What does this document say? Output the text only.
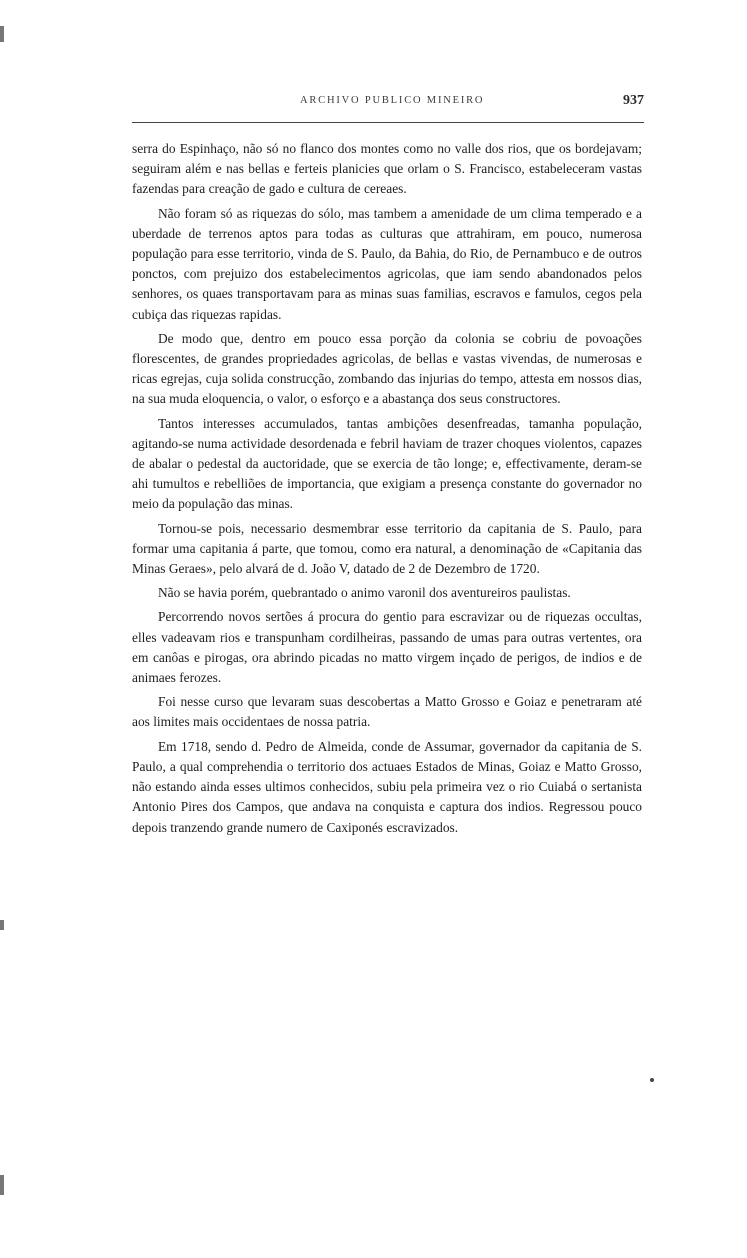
ARCHIVO PUBLICO MINEIRO	937

serra do Espinhaço, não só no flanco dos montes como no valle dos rios, que os bordejavam; seguiram além e nas bellas e ferteis planicies que orlam o S. Francisco, estabeleceram vastas fazendas para creação de gado e cultura de cereaes.

Não foram só as riquezas do sólo, mas tambem a amenidade de um clima temperado e a uberdade de terrenos aptos para todas as culturas que attrahiram, em pouco, numerosa população para esse territorio, vinda de S. Paulo, da Bahia, do Rio, de Pernambuco e de outros ponctos, com prejuizo dos estabelecimentos agricolas, que iam sendo abandonados pelos senhores, os quaes transportavam para as minas suas familias, escravos e famulos, cegos pela cubiça das riquezas rapidas.

De modo que, dentro em pouco essa porção da colonia se cobriu de povoações florescentes, de grandes propriedades agricolas, de bellas e vastas vivendas, de numerosas e ricas egrejas, cuja solida construcção, zombando das injurias do tempo, attesta em nossos dias, na sua muda eloquencia, o valor, o esforço e a abastança dos seus constructores.

Tantos interesses accumulados, tantas ambições desenfreadas, tamanha população, agitando-se numa actividade desordenada e febril haviam de trazer choques violentos, capazes de abalar o pedestal da auctoridade, que se exercia de tão longe; e, effectivamente, deram-se ahi tumultos e rebelliões de importancia, que exigiam a presença constante do governador no meio da população das minas.

Tornou-se pois, necessario desmembrar esse territorio da capitania de S. Paulo, para formar uma capitania á parte, que tomou, como era natural, a denominação de «Capitania das Minas Geraes», pelo alvará de d. João V, datado de 2 de Dezembro de 1720.

Não se havia porém, quebrantado o animo varonil dos aventureiros paulistas.

Percorrendo novos sertões á procura do gentio para escravizar ou de riquezas occultas, elles vadeavam rios e transpunham cordilheiras, passando de umas para outras vertentes, ora em canôas e pirogas, ora abrindo picadas no matto virgem inçado de perigos, de indios e de animaes ferozes.

Foi nesse curso que levaram suas descobertas a Matto Grosso e Goiaz e penetraram até aos limites mais occidentaes de nossa patria.

Em 1718, sendo d. Pedro de Almeida, conde de Assumar, governador da capitania de S. Paulo, a qual comprehendia o territorio dos actuaes Estados de Minas, Goiaz e Matto Grosso, não estando ainda esses ultimos conhecidos, subiu pela primeira vez o rio Cuiabá o sertanista Antonio Pires dos Campos, que andava na conquista e captura dos indios. Regressou pouco depois tranzendo grande numero de Caxiponés escravizados.
